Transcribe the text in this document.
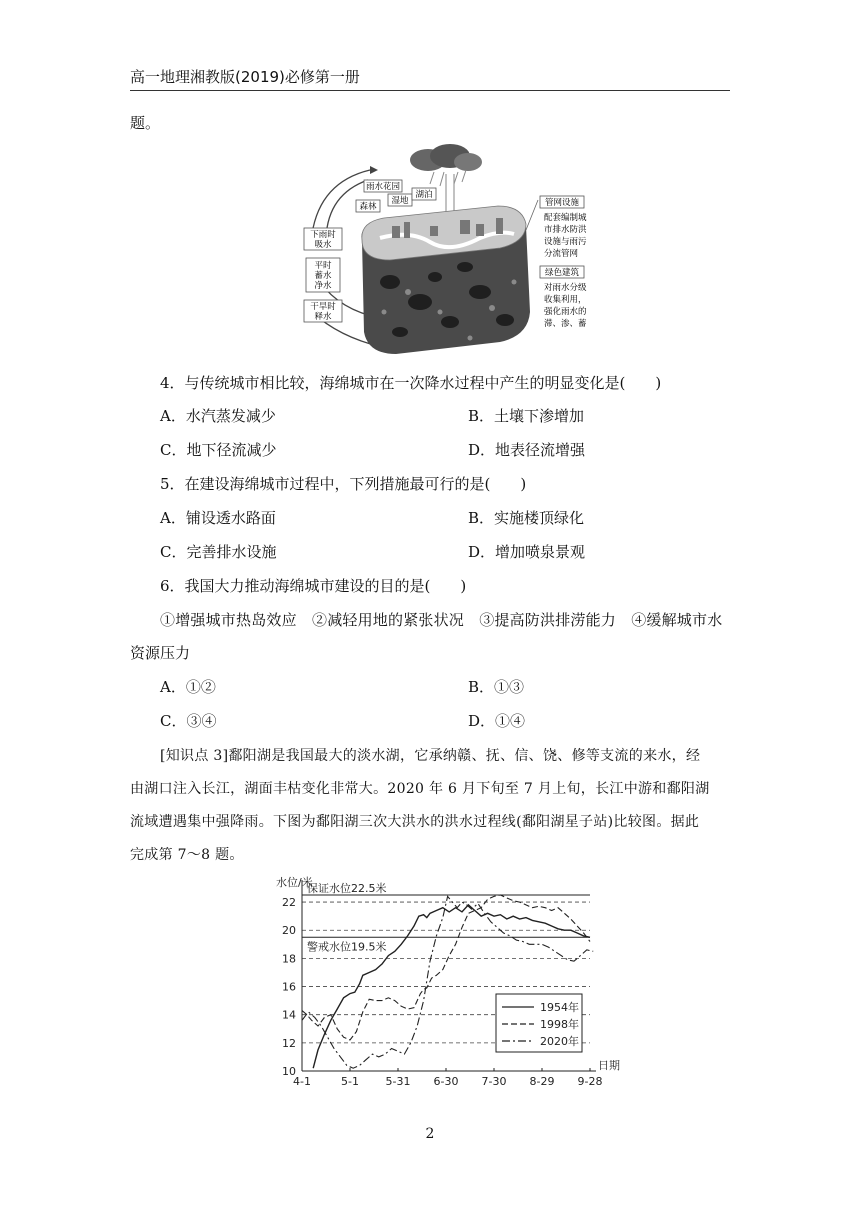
高一地理湘教版(2019)必修第一册
题。
下雨时
吸水
平时
蓄水
净水
干旱时
释水
雨水花园
森林
湿地
湖泊
管网设施
配套编制城
市排水防洪
设施与雨污
分流管网
绿色建筑
对雨水分级
收集利用，
强化雨水的
滞、渗、蓄
4．与传统城市相比较，海绵城市在一次降水过程中产生的明显变化是(　　)
A．水汽蒸发减少	B．土壤下渗增加
C．地下径流减少	D．地表径流增强
5．在建设海绵城市过程中，下列措施最可行的是(　　)
A．铺设透水路面	B．实施楼顶绿化
C．完善排水设施	D．增加喷泉景观
6．我国大力推动海绵城市建设的目的是(　　)
①增强城市热岛效应　②减轻用地的紧张状况　③提高防洪排涝能力　④缓解城市水
资源压力
A．①②	B．①③
C．③④	D．①④
[知识点 3]鄱阳湖是我国最大的淡水湖，它承纳赣、抚、信、饶、修等支流的来水，经
由湖口注入长江，湖面丰枯变化非常大。2020 年 6 月下旬至 7 月上旬，长江中游和鄱阳湖
流域遭遇集中强降雨。下图为鄱阳湖三次大洪水的洪水过程线(鄱阳湖星子站)比较图。据此
完成第 7～8 题。
10
12
14
16
18
20
22
保证水位22.5米
警戒水位19.5米
水位/米
日期
4-1	5-1 5-31 6-30 7-30 8-29 9-28
1954年
1998年
2020年
2
